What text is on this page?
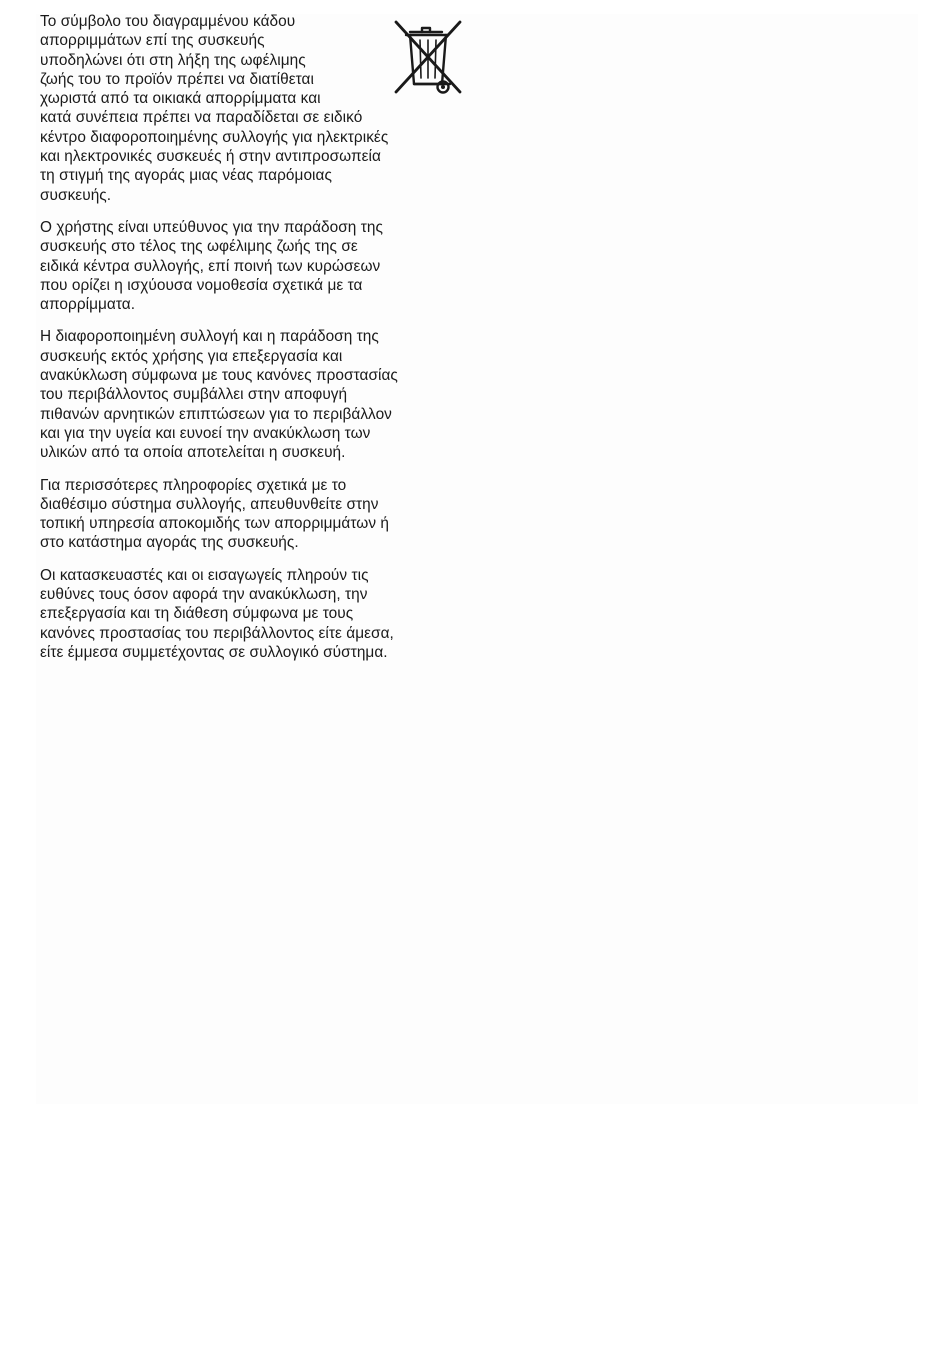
Το σύμβολο του διαγραμμένου κάδου
απορριμμάτων επί της συσκευής
υποδηλώνει ότι στη λήξη της ωφέλιμης
ζωής του το προϊόν πρέπει να διατίθεται
χωριστά από τα οικιακά απορρίμματα και
κατά συνέπεια πρέπει να παραδίδεται σε ειδικό
κέντρο διαφοροποιημένης συλλογής για ηλεκτρικές
και ηλεκτρονικές συσκευές ή στην αντιπροσωπεία
τη στιγμή της αγοράς μιας νέας παρόμοιας
συσκευής.

Ο χρήστης είναι υπεύθυνος για την παράδοση της
συσκευής στο τέλος της ωφέλιμης ζωής της σε
ειδικά κέντρα συλλογής, επί ποινή των κυρώσεων
που ορίζει η ισχύουσα νομοθεσία σχετικά με τα
απορρίμματα.

Η διαφοροποιημένη συλλογή και η παράδοση της
συσκευής εκτός χρήσης για επεξεργασία και
ανακύκλωση σύμφωνα με τους κανόνες προστασίας
του περιβάλλοντος συμβάλλει στην αποφυγή
πιθανών αρνητικών επιπτώσεων για το περιβάλλον
και για την υγεία και ευνοεί την ανακύκλωση των
υλικών από τα οποία αποτελείται η συσκευή.

Για περισσότερες πληροφορίες σχετικά με το
διαθέσιμο σύστημα συλλογής, απευθυνθείτε στην
τοπική υπηρεσία αποκομιδής των απορριμμάτων ή
στο κατάστημα αγοράς της συσκευής.

Οι κατασκευαστές και οι εισαγωγείς πληρούν τις
ευθύνες τους όσον αφορά την ανακύκλωση, την
επεξεργασία και τη διάθεση σύμφωνα με τους
κανόνες προστασίας του περιβάλλοντος είτε άμεσα,
είτε έμμεσα συμμετέχοντας σε συλλογικό σύστημα.
